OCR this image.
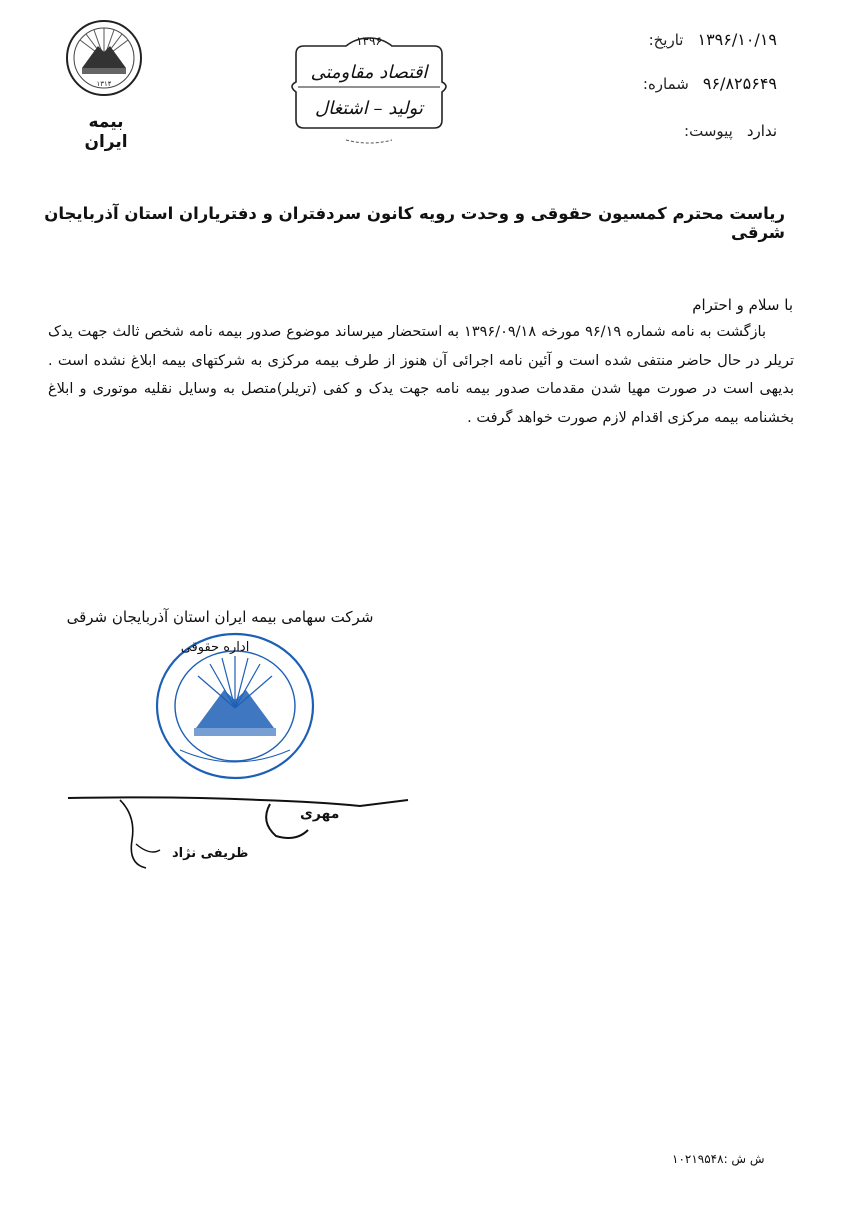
۱۳۱۴
بیمه ایران
۱۳۹۶
اقتصاد مقاومتی
تولید – اشتغال
تاریخ: ۱۳۹۶/۱۰/۱۹
شماره: ۹۶/۸۲۵۶۴۹
پیوست: ندارد
ریاست محترم کمسیون حقوقی و وحدت رویه کانون سردفتران و دفترياران استان آذربایجان شرقی
با سلام و احترام

بازگشت به نامه شماره ۹۶/۱۹ مورخه ۱۳۹۶/۰۹/۱۸ به استحضار میرساند موضوع صدور بیمه نامه شخص ثالث جهت یدک تریلر در حال حاضر منتفی شده است و آئین نامه اجرائی آن هنوز از طرف بیمه مرکزی به شرکتهای بیمه ابلاغ نشده است . بدیهی است در صورت مهیا شدن مقدمات صدور بیمه نامه جهت یدک و کفی (تریلر)متصل به وسایل نقلیه موتوری و ابلاغ بخشنامه بیمه مرکزی اقدام لازم صورت خواهد گرفت .

شرکت سهامی بیمه ایران استان آذربایجان شرقی
اداره حقوقی
مهری
ظریفی نژاد
ش ش :۱۰۲۱۹۵۴۸
